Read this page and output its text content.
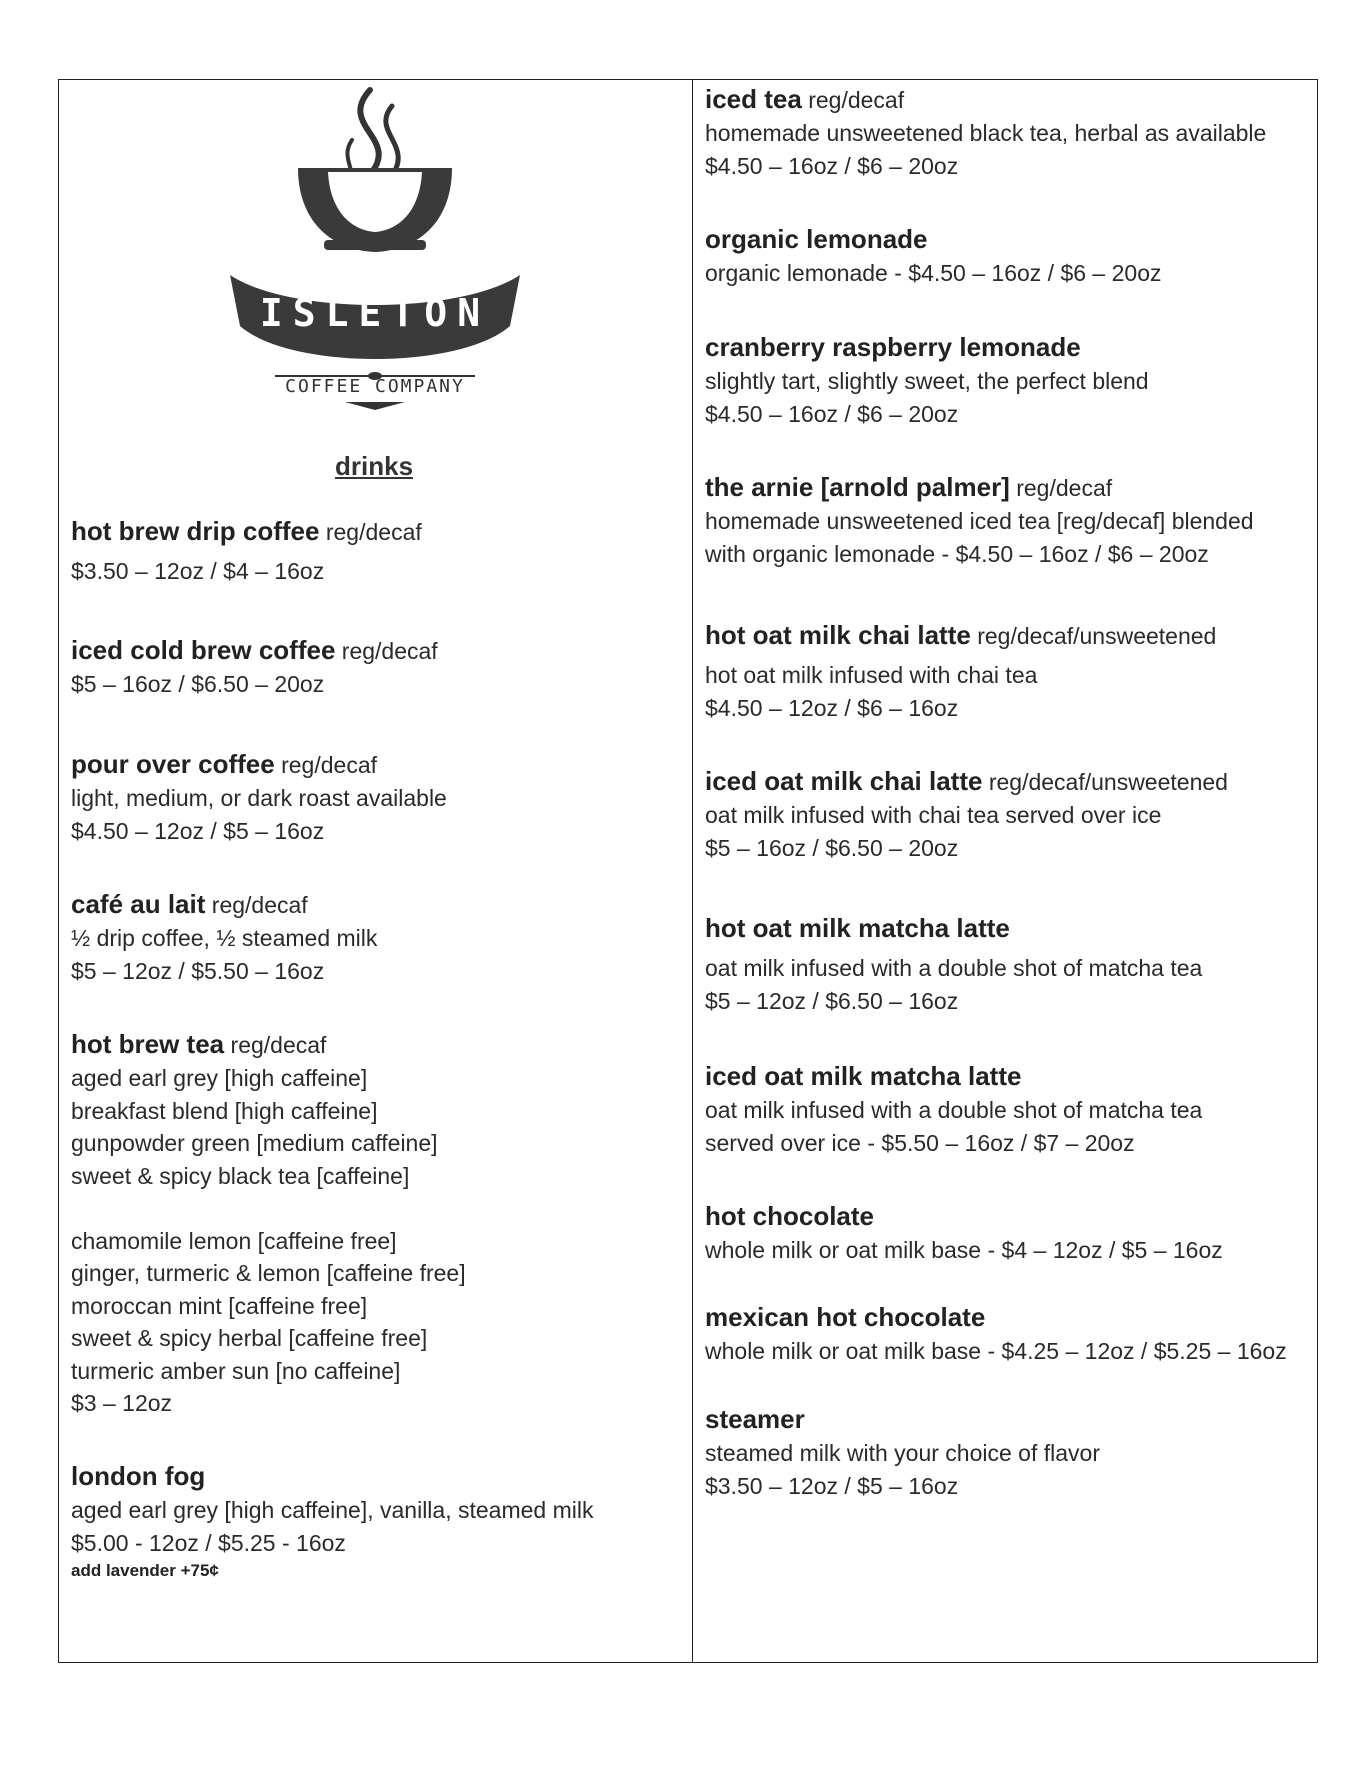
ISLETON
COFFEE COMPANY
drinks
hot brew drip coffee reg/decaf
$3.50 – 12oz / $4 – 16oz
iced cold brew coffee reg/decaf
$5 – 16oz / $6.50 – 20oz
pour over coffee reg/decaf
light, medium, or dark roast available
$4.50 – 12oz / $5 – 16oz
café au lait reg/decaf
½ drip coffee, ½ steamed milk
$5 – 12oz / $5.50 – 16oz
hot brew tea reg/decaf
aged earl grey [high caffeine]
breakfast blend [high caffeine]
gunpowder green [medium caffeine]
sweet & spicy black tea [caffeine]
chamomile lemon [caffeine free]
ginger, turmeric & lemon [caffeine free]
moroccan mint [caffeine free]
sweet & spicy herbal [caffeine free]
turmeric amber sun [no caffeine]
$3 – 12oz
london fog
aged earl grey [high caffeine], vanilla, steamed milk
$5.00 - 12oz / $5.25 - 16oz
add lavender +75¢
iced tea reg/decaf
homemade unsweetened black tea, herbal as available
$4.50 – 16oz / $6 – 20oz
organic lemonade
organic lemonade - $4.50 – 16oz / $6 – 20oz
cranberry raspberry lemonade
slightly tart, slightly sweet, the perfect blend
$4.50 – 16oz / $6 – 20oz
the arnie [arnold palmer] reg/decaf
homemade unsweetened iced tea [reg/decaf] blended
with organic lemonade - $4.50 – 16oz / $6 – 20oz
hot oat milk chai latte reg/decaf/unsweetened
hot oat milk infused with chai tea
$4.50 – 12oz / $6 – 16oz
iced oat milk chai latte reg/decaf/unsweetened
oat milk infused with chai tea served over ice
$5 – 16oz / $6.50 – 20oz
hot oat milk matcha latte
oat milk infused with a double shot of matcha tea
$5 – 12oz / $6.50 – 16oz
iced oat milk matcha latte
oat milk infused with a double shot of matcha tea
served over ice - $5.50 – 16oz / $7 – 20oz
hot chocolate
whole milk or oat milk base - $4 – 12oz / $5 – 16oz
mexican hot chocolate
whole milk or oat milk base - $4.25 – 12oz / $5.25 – 16oz
steamer
steamed milk with your choice of flavor
$3.50 – 12oz / $5 – 16oz
